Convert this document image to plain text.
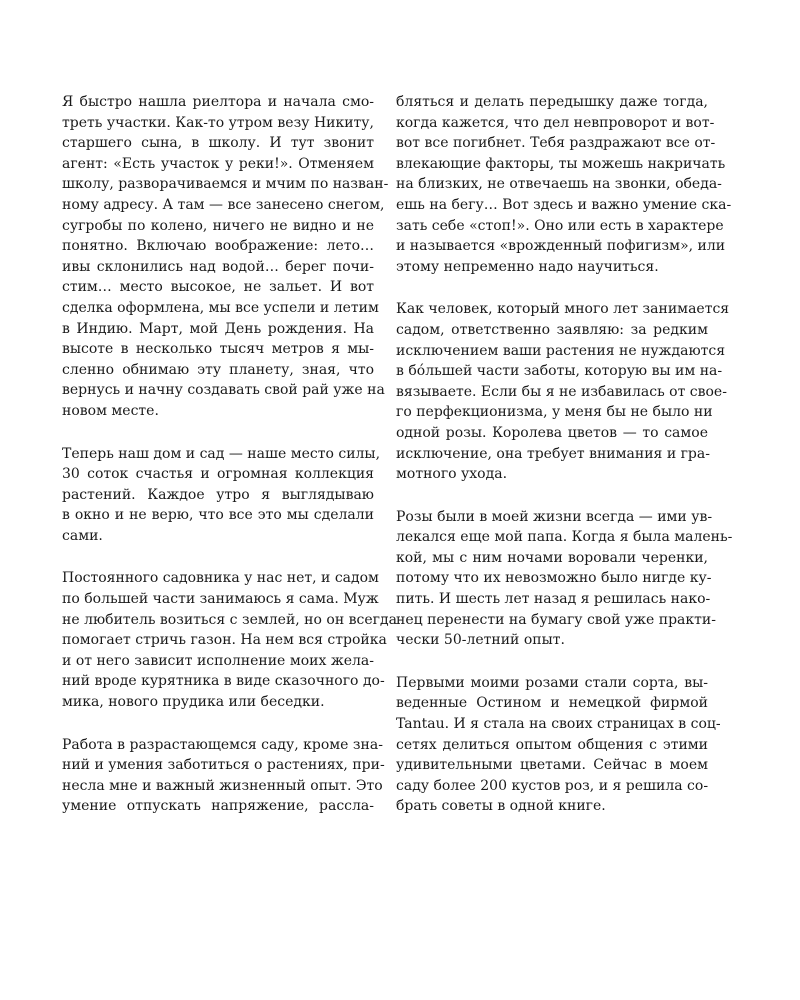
Я быстро нашла риелтора и начала смо-
треть участки. Как-то утром везу Никиту,
старшего сына, в школу. И тут звонит
агент: «Есть участок у реки!». Отменяем
школу, разворачиваемся и мчим по назван-
ному адресу. А там — все занесено снегом,
сугробы по колено, ничего не видно и не
понятно. Включаю воображение: лето…
ивы склонились над водой… берег почи-
стим… место высокое, не зальет. И вот
сделка оформлена, мы все успели и летим
в Индию. Март, мой День рождения. На
высоте в несколько тысяч метров я мы-
сленно обнимаю эту планету, зная, что
вернусь и начну создавать свой рай уже на
новом месте.

Теперь наш дом и сад — наше место силы,
30 соток счастья и огромная коллекция
растений. Каждое утро я выглядываю
в окно и не верю, что все это мы сделали
сами.

Постоянного садовника у нас нет, и садом
по большей части занимаюсь я сама. Муж
не любитель возиться с землей, но он всегда
помогает стричь газон. На нем вся стройка
и от него зависит исполнение моих жела-
ний вроде курятника в виде сказочного до-
мика, нового прудика или беседки.

Работа в разрастающемся саду, кроме зна-
ний и умения заботиться о растениях, при-
несла мне и важный жизненный опыт. Это
умение отпускать напряжение, рассла-

бляться и делать передышку даже тогда,
когда кажется, что дел невпроворот и вот-
вот все погибнет. Тебя раздражают все от-
влекающие факторы, ты можешь накричать
на близких, не отвечаешь на звонки, обеда-
ешь на бегу… Вот здесь и важно умение ска-
зать себе «стоп!». Оно или есть в характере
и называется «врожденный пофигизм», или
этому непременно надо научиться.

Как человек, который много лет занимается
садом, ответственно заявляю: за редким
исключением ваши растения не нуждаются
в бóльшей части заботы, которую вы им на-
вязываете. Если бы я не избавилась от свое-
го перфекционизма, у меня бы не было ни
одной розы. Королева цветов — то самое
исключение, она требует внимания и гра-
мотного ухода.

Розы были в моей жизни всегда — ими ув-
лекался еще мой папа. Когда я была малень-
кой, мы с ним ночами воровали черенки,
потому что их невозможно было нигде ку-
пить. И шесть лет назад я решилась нако-
нец перенести на бумагу свой уже практи-
чески 50-летний опыт.

Первыми моими розами стали сорта, вы-
веденные Остином и немецкой фирмой
Tantau. И я стала на своих страницах в соц-
сетях делиться опытом общения с этими
удивительными цветами. Сейчас в моем
саду более 200 кустов роз, и я решила со-
брать советы в одной книге.
